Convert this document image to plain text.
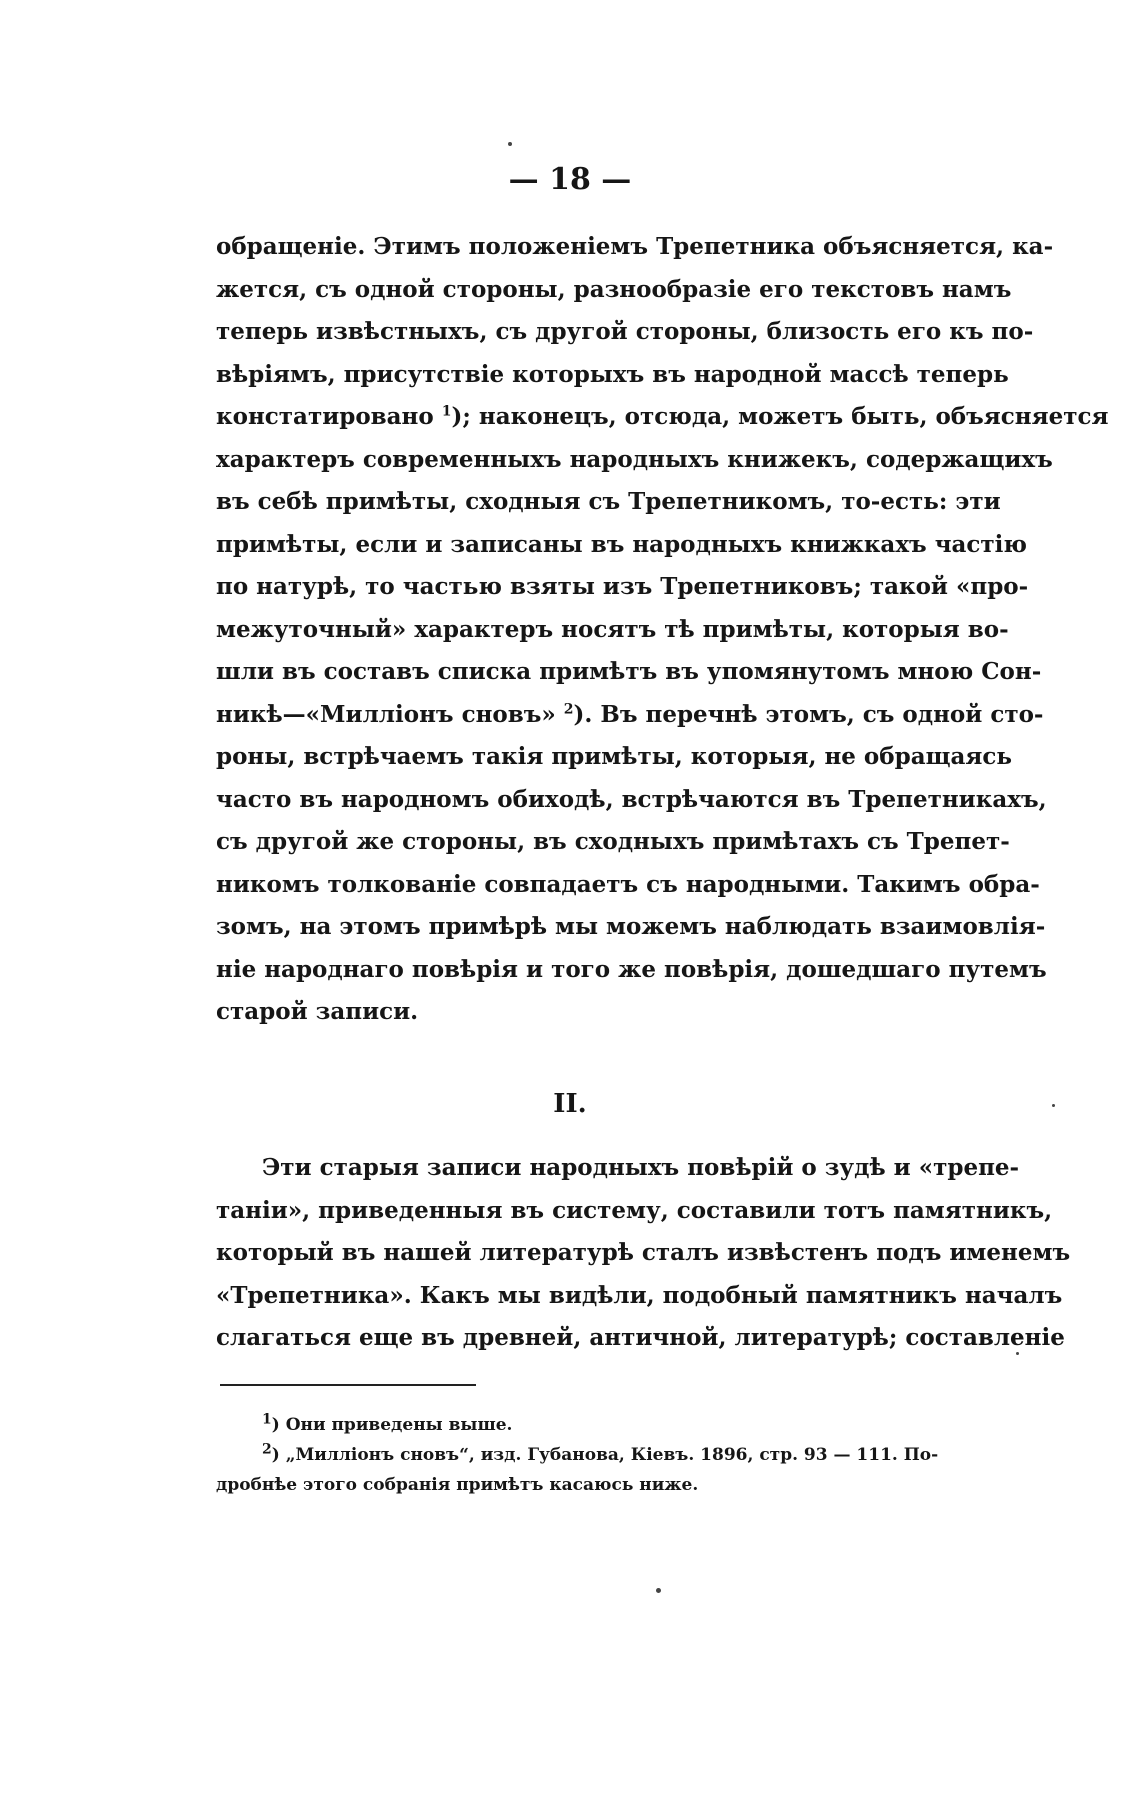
— 18 —
обращенiе. Этимъ положенiемъ Трепетника объясняется, ка-
жется, съ одной стороны, разнообразiе его текстовъ намъ
теперь извѣстныхъ, съ другой стороны, близость его къ по-
вѣрiямъ, присутствiе которыхъ въ народной массѣ теперь
констатировано $^1$); наконецъ, отсюда, можетъ быть, объясняется
характеръ современныхъ народныхъ книжекъ, содержащихъ
въ себѣ примѣты, сходныя съ Трепетникомъ, то-есть: эти
примѣты, если и записаны въ народныхъ книжкахъ частiю
по натурѣ, то частью взяты изъ Трепетниковъ; такой «про-
межуточный» характеръ носятъ тѣ примѣты, которыя во-
шли въ составъ списка примѣтъ въ упомянутомъ мною Сон-
никѣ—«Миллiонъ сновъ» $^2$). Въ перечнѣ этомъ, съ одной сто-
роны, встрѣчаемъ такiя примѣты, которыя, не обращаясь
часто въ народномъ обиходѣ, встрѣчаются въ Трепетникахъ,
съ другой же стороны, въ сходныхъ примѣтахъ съ Трепет-
никомъ толкованiе совпадаетъ съ народными. Такимъ обра-
зомъ, на этомъ примѣрѣ мы можемъ наблюдать взаимовлiя-
нiе народнаго повѣрiя и того же повѣрiя, дошедшаго путемъ
старой записи.
II.
Эти старыя записи народныхъ повѣрiй о зудѣ и «трепе-
танiи», приведенныя въ систему, составили тотъ памятникъ,
который въ нашей литературѣ сталъ извѣстенъ подъ именемъ
«Трепетника». Какъ мы видѣли, подобный памятникъ началъ
слагаться еще въ древней, античной, литературѣ; составленiе
$^1$) Они приведены выше.
$^2$) „Миллiонъ сновъ“, изд. Губанова, Кiевъ. 1896, стр. 93 — 111. По-
дробнѣе этого собранiя примѣтъ касаюсь ниже.
